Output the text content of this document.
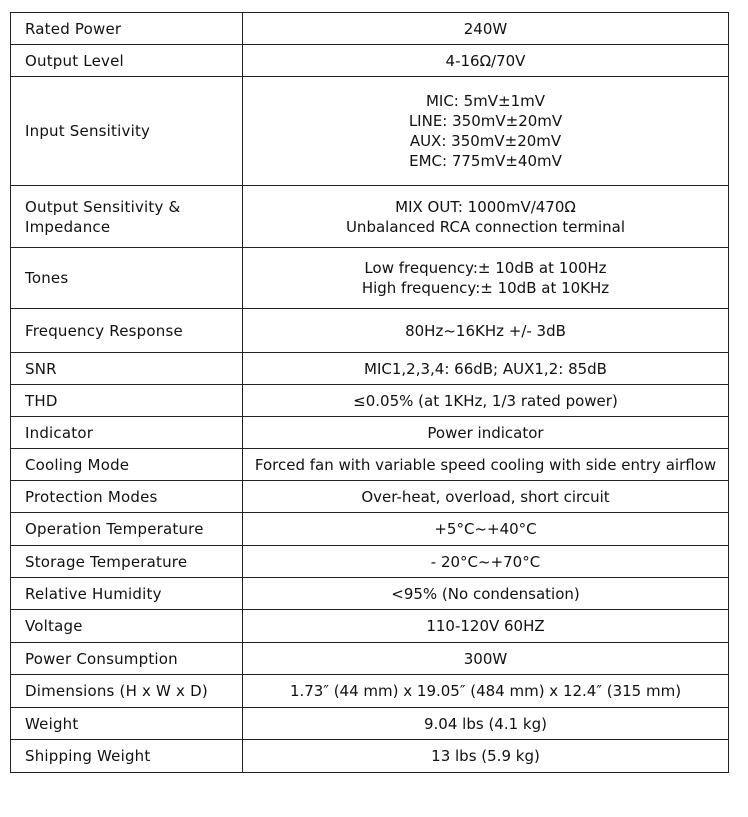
Rated Power	240W

Output Level	4-16Ω/70V

Input Sensitivity	MIC: 5mV±1mV
LINE: 350mV±20mV
AUX: 350mV±20mV
EMC: 775mV±40mV

Output Sensitivity &
Impedance	MIX OUT: 1000mV/470Ω
Unbalanced RCA connection terminal

Tones	Low frequency:± 10dB at 100Hz
High frequency:± 10dB at 10KHz

Frequency Response	80Hz~16KHz +/- 3dB

SNR	MIC1,2,3,4: 66dB; AUX1,2: 85dB

THD	≤0.05% (at 1KHz, 1/3 rated power)

Indicator	Power indicator

Cooling Mode	Forced fan with variable speed cooling with side entry airflow

Protection Modes	Over-heat, overload, short circuit

Operation Temperature	+5°C~+40°C

Storage Temperature	- 20°C~+70°C

Relative Humidity	<95% (No condensation)

Voltage	110-120V 60HZ

Power Consumption	300W

Dimensions (H x W x D)	1.73″ (44 mm) x 19.05″ (484 mm) x 12.4″ (315 mm)

Weight	9.04 lbs (4.1 kg)

Shipping Weight	13 lbs (5.9 kg)
